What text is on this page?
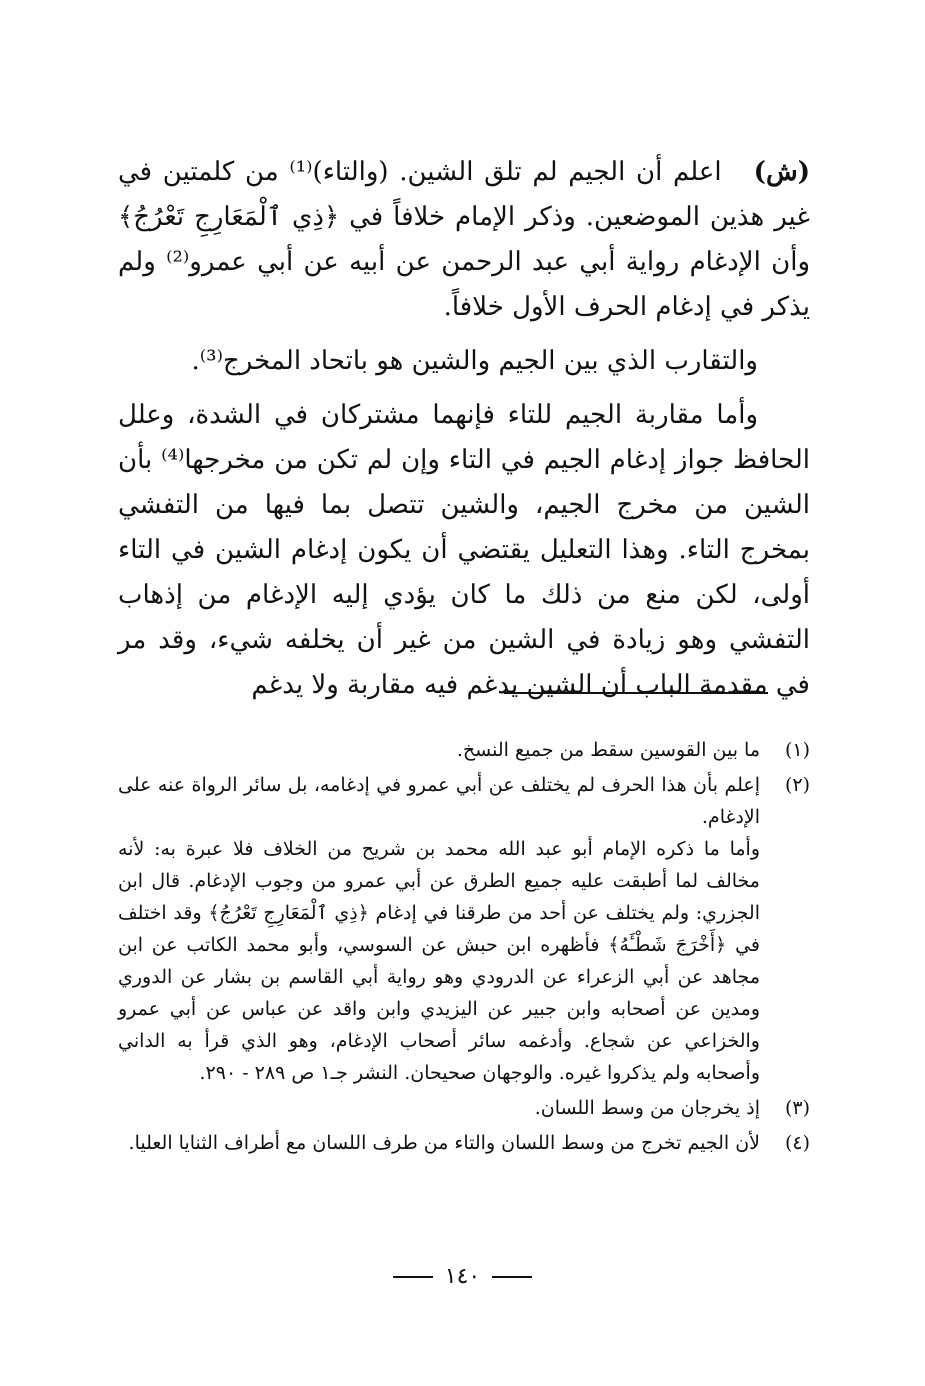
(ش)   اعلم أن الجيم لم تلق الشين. (والتاء)⁽¹⁾ من كلمتين في غير هذين الموضعين. وذكر الإمام خلافاً في ﴿ذِي ٱلْمَعَارِجِ تَعْرُجُ﴾ وأن الإدغام رواية أبي عبد الرحمن عن أبيه عن أبي عمرو⁽²⁾ ولم يذكر في إدغام الحرف الأول خلافاً.

والتقارب الذي بين الجيم والشين هو باتحاد المخرج⁽³⁾.

وأما مقاربة الجيم للتاء فإنهما مشتركان في الشدة، وعلل الحافظ جواز إدغام الجيم في التاء وإن لم تكن من مخرجها⁽⁴⁾ بأن الشين من مخرج الجيم، والشين تتصل بما فيها من التفشي بمخرج التاء. وهذا التعليل يقتضي أن يكون إدغام الشين في التاء أولى، لكن منع من ذلك ما كان يؤدي إليه الإدغام من إذهاب التفشي وهو زيادة في الشين من غير أن يخلفه شيء، وقد مر في مقدمة الباب أن الشين يدغم فيه مقاربة ولا يدغم

(١)

ما بين القوسين سقط من جميع النسخ.

(٢)

إعلم بأن هذا الحرف لم يختلف عن أبي عمرو في إدغامه، بل سائر الرواة عنه على الإدغام.

وأما ما ذكره الإمام أبو عبد الله محمد بن شريح من الخلاف فلا عبرة به: لأنه مخالف لما أطبقت عليه جميع الطرق عن أبي عمرو من وجوب الإدغام. قال ابن الجزري: ولم يختلف عن أحد من طرقنا في إدغام ﴿ذِي ٱلْمَعَارِجِ تَعْرُجُ﴾ وقد اختلف في ﴿أَخْرَجَ شَطْـَٔهُ﴾ فأظهره ابن حبش عن السوسي، وأبو محمد الكاتب عن ابن مجاهد عن أبي الزعراء عن الدرودي وهو رواية أبي القاسم بن بشار عن الدوري ومدين عن أصحابه وابن جبير عن اليزيدي وابن واقد عن عباس عن أبي عمرو والخزاعي عن شجاع. وأدغمه سائر أصحاب الإدغام، وهو الذي قرأ به الداني وأصحابه ولم يذكروا غيره. والوجهان صحيحان. النشر جـ١ ص ٢٨٩ - ٢٩٠.

(٣)

إذ يخرجان من وسط اللسان.

(٤)

لأن الجيم تخرج من وسط اللسان والتاء من طرف اللسان مع أطراف الثنايا العليا.

١٤٠
